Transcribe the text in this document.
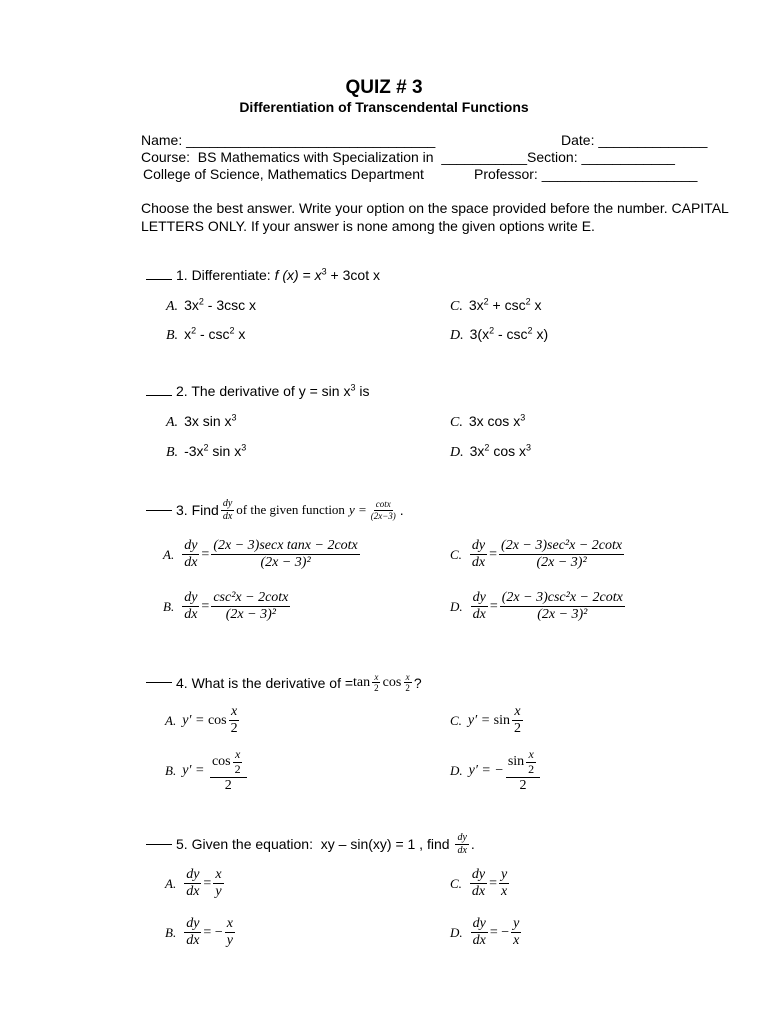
QUIZ # 3
Differentiation of Transcendental Functions
Name: ________________________________	Date: ______________
Course:  BS Mathematics with Specialization in  ___________Section: ____________
College of Science, Mathematics Department	Professor: ____________________
Choose the best answer. Write your option on the space provided before the number. CAPITAL LETTERS ONLY. If your answer is none among the given options write E.
1. Differentiate: f $(x) = x^3 + 3\cot$ x
A. $3x^2 - 3\csc$ x
B. $x^2 - \csc^2 x$
C. $3x^2 + \csc^2 x$
D. $3(x^2 - \csc^2 x)$
2. The derivative of $y = \sin x^3$ is
A. 3x $\sin x^3$
B. $-3x^2$ $\sin x^3$
C. 3x $\cos x^3$
D. $3x^2$ $\cos x^3$
3. Find $\frac{dy}{dx}$ of the given function $y = \frac{\cot x}{(2x-3)}$ .
A. $\frac{dy}{dx} = \frac{\text{(2x − 3)secx tanx − 2cotx}}{\text{(2x − 3)²}}$
B. $\frac{dy}{dx} = \frac{\text{csc²x − 2cotx}}{\text{(2x − 3)²}}$
C. $\frac{dy}{dx} = \frac{\text{(2x − 3)sec²x − 2cotx}}{\text{(2x − 3)²}}$
D. $\frac{dy}{dx} = \frac{\text{(2x − 3)csc²x − 2cotx}}{\text{(2x − 3)²}}$
4. What is the derivative of = $\tan \frac{x}{2}$ $\cos \frac{x}{2}$ ?
A. $y' = \cos \frac{x}{2}$
B. $y' = \frac{\cos \frac{x}{2}}{2}$
C. $y' = \sin \frac{x}{2}$
D. y′ = − $\frac{\sin \frac{x}{2}}{2}$
5. Given the equation:  xy – sin(xy) = 1 , find $\frac{dy}{dx}$ .
A. $\frac{dy}{dx} = \frac{x}{y}$
B. $\frac{dy}{dx}$ = − $\frac{x}{y}$
C. $\frac{dy}{dx} = \frac{y}{x}$
D. $\frac{dy}{dx}$ = − $\frac{y}{x}$
